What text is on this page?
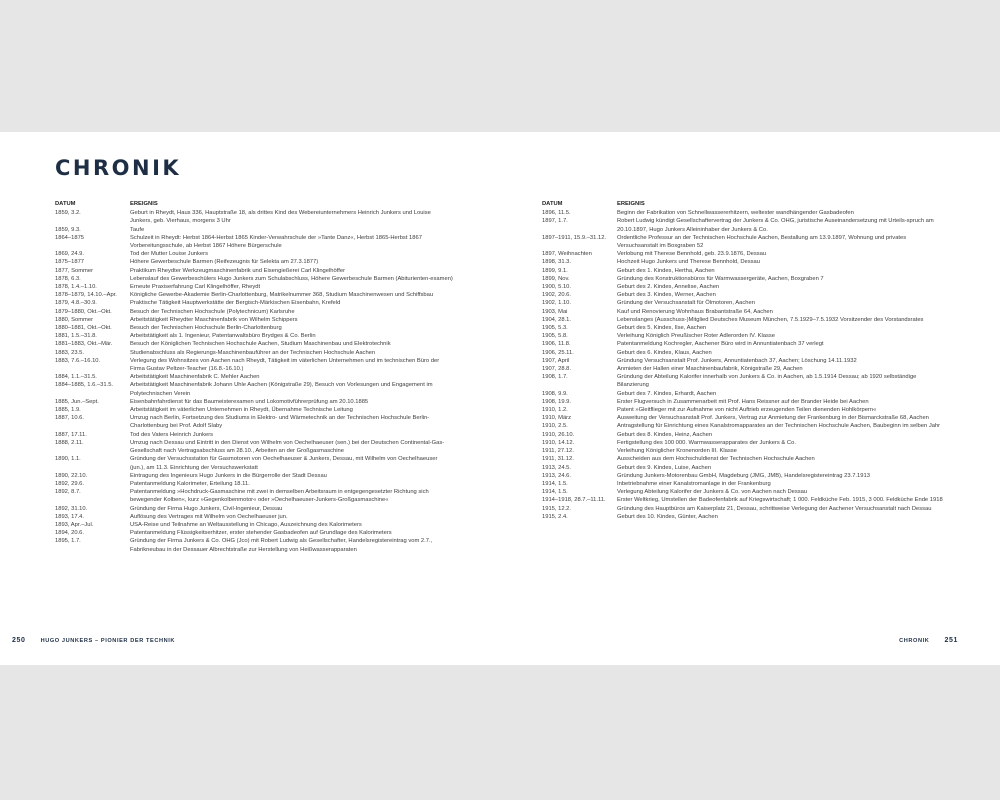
CHRONIK
DATUM	EREIGNIS
1859, 3.2.	Geburt in Rheydt, Haus 336, Hauptstraße 18, als drittes Kind des Webereiunternehmers Heinrich Junkers und Louise Junkers, geb. Vierhaus, morgens 3 Uhr
1859, 9.3.	Taufe
1864–1875	Schulzeit in Rheydt: Herbst 1864-Herbst 1865 Kinder-Verwahrschule der »Tante Danz«, Herbst 1865-Herbst 1867 Vorbereitungsschule, ab Herbst 1867 Höhere Bürgerschule
1869, 24.9.	Tod der Mutter Louise Junkers
1875–1877	Höhere Gewerbeschule Barmen (Reifezeugnis für Selekta am 27.3.1877)
1877, Sommer	Praktikum Rheydter Werkzeugmaschinenfabrik und Eisengießerei Carl Klingelhöffer
1878, 6.3.	Lebenslauf des Gewerbeschülers Hugo Junkers zum Schulabschluss, Höhere Gewerbeschule Barmen (Abiturienten-examen)
1878, 1.4.–1.10.	Erneute Praxiserfahrung Carl Klingelhöffer, Rheydt
1878–1879, 14.10.–Apr.	Königliche Gewerbe-Akademie Berlin-Charlottenburg, Matrikelnummer 368, Studium Maschinenwesen und Schiffsbau
1879, 4.8.–30.9.	Praktische Tätigkeit Hauptwerkstätte der Bergisch-Märkischen Eisenbahn, Krefeld
1879–1880, Okt.–Okt.	Besuch der Technischen Hochschule (Polytechnicum) Karlsruhe
1880, Sommer	Arbeitstätigkeit Rheydter Maschinenfabrik von Wilhelm Schippers
1880–1881, Okt.–Okt.	Besuch der Technischen Hochschule Berlin-Charlottenburg
1881, 1.5.–31.8.	Arbeitstätigkeit als 1. Ingenieur, Patentanwaltsbüro Brydges & Co. Berlin
1881–1883, Okt.–Mär.	Besuch der Königlichen Technischen Hochschule Aachen, Studium Maschinenbau und Elektrotechnik
1883, 23.5.	Studienabschluss als Regierungs-Maschinenbauführer an der Technischen Hochschule Aachen
1883, 7.6.–16.10.	Verlegung des Wohnsitzes von Aachen nach Rheydt, Tätigkeit im väterlichen Unternehmen und im technischen Büro der Firma Gustav Peltzer-Teacher (16.8.-16.10.)
1884, 1.1.–31.5.	Arbeitstätigkeit Maschinenfabrik C. Mehler Aachen
1884–1885, 1.6.–31.5.	Arbeitstätigkeit Maschinenfabrik Johann Uhle Aachen (Königstraße 29), Besuch von Vorlesungen und Engagement im Polytechnischen Verein
1885, Jun.–Sept.	Eisenbahnfahrdienst für das Baumeisterexamen und Lokomotivführerprüfung am 20.10.1885
1885, 1.9.	Arbeitstätigkeit im väterlichen Unternehmen in Rheydt, Übernahme Technische Leitung
1887, 10.6.	Umzug nach Berlin, Fortsetzung des Studiums in Elektro- und Wärmetechnik an der Technischen Hochschule Berlin-Charlottenburg bei Prof. Adolf Slaby
1887, 17.11.	Tod des Vaters Heinrich Junkers
1888, 2.11.	Umzug nach Dessau und Eintritt in den Dienst von Wilhelm von Oechelhaeuser (sen.) bei der Deutschen Continental-Gas-Gesellschaft nach Vertragsabschluss am 28.10., Arbeiten an der Großgasmaschine
1890, 1.1.	Gründung der Versuchsstation für Gasmotoren von Oechelhaeuser & Junkers, Dessau, mit Wilhelm von Oechelhaeuser (jun.), am 11.3. Einrichtung der Versuchswerkstatt
1890, 22.10.	Eintragung des Ingenieurs Hugo Junkers in die Bürgerrolle der Stadt Dessau
1892, 29.6.	Patentanmeldung Kalorimeter, Erteilung 18.11.
1892, 8.7.	Patentanmeldung »Hochdruck-Gasmaschine mit zwei in demselben Arbeitsraum in entgegengesetzter Richtung sich bewegender Kolben«, kurz »Gegenkolbenmotor« oder »Oechelhaeuser-Junkers-Großgasmaschine«
1892, 31.10.	Gründung der Firma Hugo Junkers, Civil-Ingenieur, Dessau
1893, 17.4.	Auflösung des Vertrages mit Wilhelm von Oechelhaeuser jun.
1893, Apr.–Jul.	USA-Reise und Teilnahme an Weltausstellung in Chicago, Auszeichnung des Kalorimeters
1894, 20.6.	Patentanmeldung Flüssigkeitserhitzer, erster stehender Gasbadeofen auf Grundlage des Kalorimeters
1895, 1.7.	Gründung der Firma Junkers & Co. OHG (Jco) mit Robert Ludwig als Gesellschafter, Handelsregistereintrag vom 2.7., Fabrikneubau in der Dessauer Albrechtstraße zur Herstellung von Heißwasserapparaten
DATUM	EREIGNIS
1896, 11.5.	Beginn der Fabrikation von Schnellwassererhitzern, weltester wandhängender Gasbadeofen
1897, 1.7.	Robert Ludwig kündigt Gesellschaftervertrag der Junkers & Co. OHG, juristische Auseinandersetzung mit Urteils-spruch am 20.10.1897, Hugo Junkers Alleininhaber der Junkers & Co.
1897–1911, 15.9.–31.12.	Ordentliche Professur an der Technischen Hochschule Aachen, Bestallung am 13.9.1897, Wohnung und privates Versuchsanstalt im Boxgraben 52
1897, Weihnachten	Verlobung mit Therese Bennhold, geb. 23.9.1876, Dessau
1898, 31.3.	Hochzeit Hugo Junkers und Therese Bennhold, Dessau
1899, 9.1.	Geburt des 1. Kindes, Hertha, Aachen
1899, Nov.	Gründung des Konstruktionsbüros für Warmwassergeräte, Aachen, Boxgraben 7
1900, 5.10.	Geburt des 2. Kindes, Annelise, Aachen
1902, 20.6.	Geburt des 3. Kindes, Werner, Aachen
1902, 1.10.	Gründung der Versuchsanstalt für Ölmotoren, Aachen
1903, Mai	Kauf und Renovierung Wohnhaus Brabantstraße 64, Aachen
1904, 28.1.	Lebenslanges (Ausschuss-)Mitglied Deutsches Museum München, 7.5.1929–7.5.1932 Vorsitzender des Vorstandsrates
1905, 5.3.	Geburt des 5. Kindes, Ilse, Aachen
1905, 5.8.	Verleihung Königlich Preußischer Roter Adlerorden IV. Klasse
1906, 11.8.	Patentanmeldung Kochregler, Aachener Büro wird in Annuntiatenbach 37 verlegt
1906, 25.11.	Geburt des 6. Kindes, Klaus, Aachen
1907, April	Gründung Versuchsanstalt Prof. Junkers, Annuntiatenbach 37, Aachen; Löschung 14.11.1932
1907, 28.8.	Anmieten der Hallen einer Maschinenbaufabrik, Königstraße 29, Aachen
1908, 1.7.	Gründung der Abteilung Kalorifer innerhalb von Junkers & Co. in Aachen, ab 1.5.1914 Dessau; ab 1920 selbständige Bilanzierung
1908, 9.9.	Geburt des 7. Kindes, Erhardt, Aachen
1908, 19.9.	Erster Flugversuch in Zusammenarbeit mit Prof. Hans Reissner auf der Brander Heide bei Aachen
1910, 1.2.	Patent »Gleitflieger mit zur Aufnahme von nicht Auftrieb erzeugenden Teilen dienenden Hohlkörpern«
1910, März	Ausweitung der Versuchsanstalt Prof. Junkers, Vertrag zur Anmietung der Frankenburg in der Bismarckstraße 68, Aachen
1910, 2.5.	Antragstellung für Einrichtung eines Kanalstromapparates an der Technischen Hochschule Aachen, Baubeginn im selben Jahr
1910, 26.10.	Geburt des 8. Kindes, Heinz, Aachen
1910, 14.12.	Fertigstellung des 100 000. Warmwasserapparates der Junkers & Co.
1911, 27.12.	Verleihung Königlicher Kronenorden III. Klasse
1911, 31.12.	Ausscheiden aus dem Hochschuldienst der Technischen Hochschule Aachen
1913, 24.5.	Geburt des 9. Kindes, Luise, Aachen
1913, 24.6.	Gründung Junkers-Motorenbau GmbH, Magdeburg (JMG, JMB), Handelsregistereintrag 23.7.1913
1914, 1.5.	Inbetriebnahme einer Kanalstromanlage in der Frankenburg
1914, 1.5.	Verlegung Abteilung Kalorifer der Junkers & Co. von Aachen nach Dessau
1914–1918, 28.7.–11.11.	Erster Weltkrieg, Umstellen der Badeofenfabrik auf Kriegswirtschaft; 1 000. Feldküche Feb. 1915, 3 000. Feldküche Ende 1918
1915, 12.2.	Gründung des Hauptbüros am Kaiserplatz 21, Dessau, schrittweise Verlegung der Aachener Versuchsanstalt nach Dessau
1915, 2.4.	Geburt des 10. Kindes, Günter, Aachen
250	HUGO JUNKERS – PIONIER DER TECHNIK	CHRONIK 251
